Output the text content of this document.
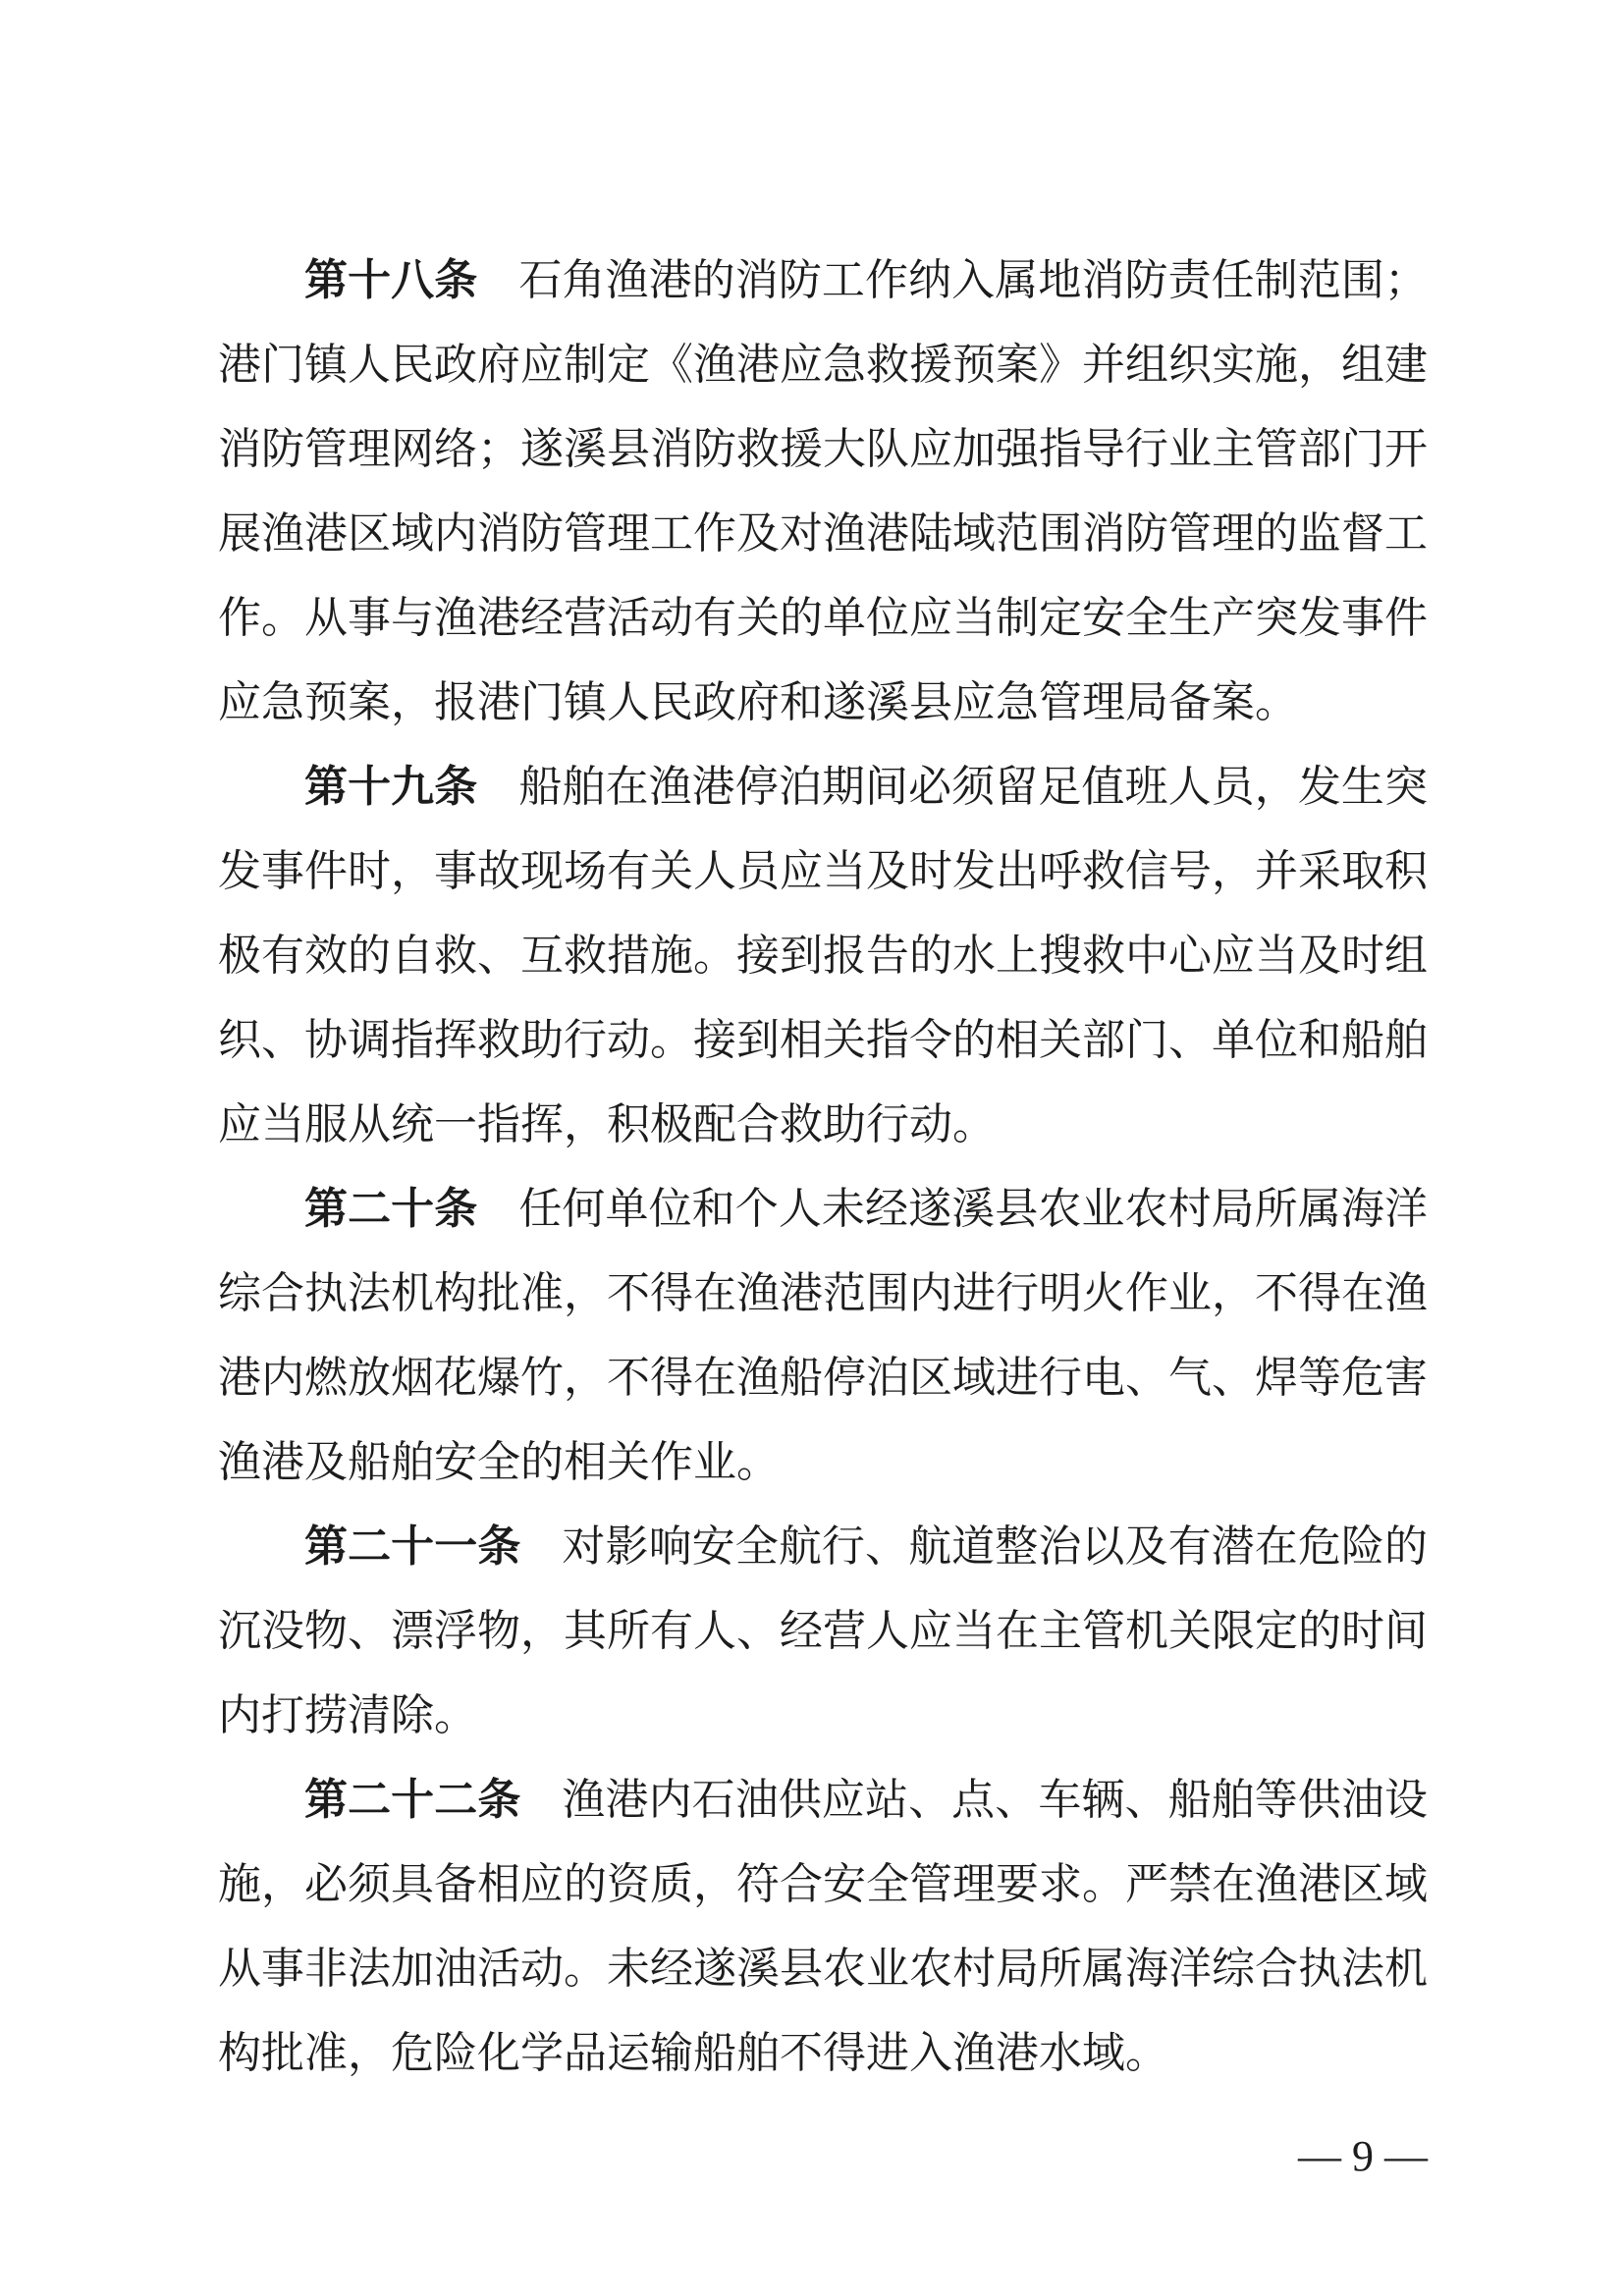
第十八条 石角渔港的消防工作纳入属地消防责任制范围；港门镇人民政府应制定《渔港应急救援预案》并组织实施，组建消防管理网络；遂溪县消防救援大队应加强指导行业主管部门开展渔港区域内消防管理工作及对渔港陆域范围消防管理的监督工作。从事与渔港经营活动有关的单位应当制定安全生产突发事件应急预案，报港门镇人民政府和遂溪县应急管理局备案。

第十九条 船舶在渔港停泊期间必须留足值班人员，发生突发事件时，事故现场有关人员应当及时发出呼救信号，并采取积极有效的自救、互救措施。接到报告的水上搜救中心应当及时组织、协调指挥救助行动。接到相关指令的相关部门、单位和船舶应当服从统一指挥，积极配合救助行动。

第二十条 任何单位和个人未经遂溪县农业农村局所属海洋综合执法机构批准，不得在渔港范围内进行明火作业，不得在渔港内燃放烟花爆竹，不得在渔船停泊区域进行电、气、焊等危害渔港及船舶安全的相关作业。

第二十一条 对影响安全航行、航道整治以及有潜在危险的沉没物、漂浮物，其所有人、经营人应当在主管机关限定的时间内打捞清除。

第二十二条 渔港内石油供应站、点、车辆、船舶等供油设施，必须具备相应的资质，符合安全管理要求。严禁在渔港区域从事非法加油活动。未经遂溪县农业农村局所属海洋综合执法机构批准，危险化学品运输船舶不得进入渔港水域。

— 9 —
